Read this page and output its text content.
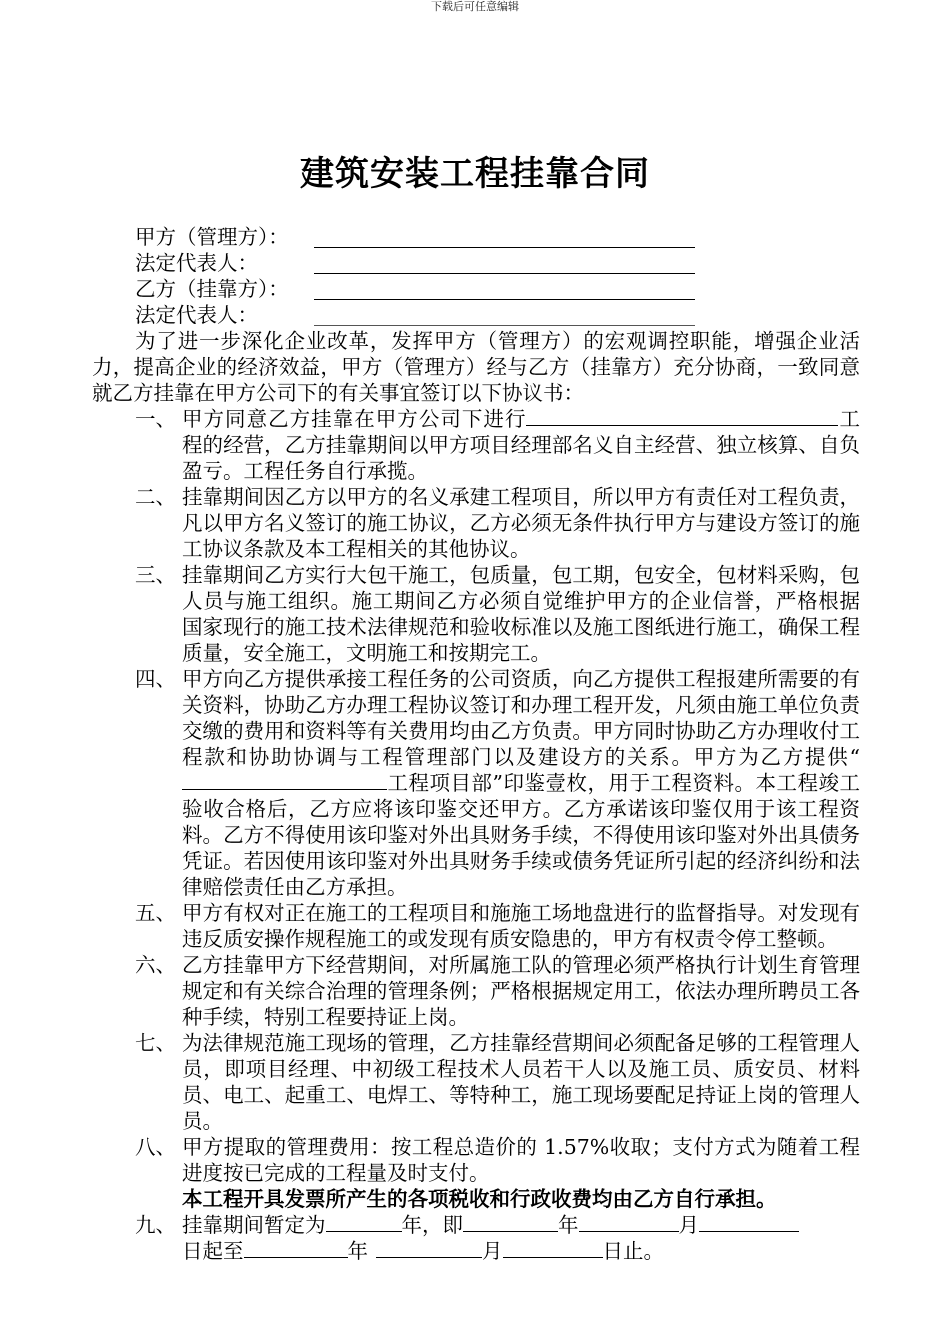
下载后可任意编辑
建筑安装工程挂靠合同
甲方（管理方）：
法定代表人：
乙方（挂靠方）：
法定代表人：
为了进一步深化企业改革，发挥甲方（管理方）的宏观调控职能，增强企业活力，提高企业的经济效益，甲方（管理方）经与乙方（挂靠方）充分协商，一致同意就乙方挂靠在甲方公司下的有关事宜签订以下协议书：
一、 甲方同意乙方挂靠在甲方公司下进行	工程的经营，乙方挂靠期间以甲方项目经理部名义自主经营、独立核算、自负盈亏。工程任务自行承揽。
二、 挂靠期间因乙方以甲方的名义承建工程项目，所以甲方有责任对工程负责，凡以甲方名义签订的施工协议，乙方必须无条件执行甲方与建设方签订的施工协议条款及本工程相关的其他协议。
三、 挂靠期间乙方实行大包干施工，包质量，包工期，包安全，包材料采购，包人员与施工组织。施工期间乙方必须自觉维护甲方的企业信誉，严格根据 国家现行的施工技术法律规范和验收标准以及施工图纸进行施工，确保工程质量，安全施工，文明施工和按期完工。
四、 甲方向乙方提供承接工程任务的公司资质，向乙方提供工程报建所需要的有关资料，协助乙方办理工程协议签订和办理工程开发，凡须由施工单位负责交缴的费用和资料等有关费用均由乙方负责。甲方同时协助乙方办理收付工程款和协助协调与工程管理部门以及建设方的关系。甲方为乙方提供“工程项目部”印鉴壹枚，用于工程资料。本工程竣工验收合格后，乙方应将该印鉴交还甲方。乙方承诺该印鉴仅用于该工程资料。乙方不得使用该印鉴对外出具财务手续，不得使用该印鉴对外出具债务凭证。若因使用该印鉴对外出具财务手续或债务凭证所引起的经济纠纷和法律赔偿责任由乙方承担。
五、 甲方有权对正在施工的工程项目和施施工场地盘进行的监督指导。对发现有违反质安操作规程施工的或发现有质安隐患的，甲方有权责令停工整顿。
六、 乙方挂靠甲方下经营期间，对所属施工队的管理必须严格执行计划生育管理规定和有关综合治理的管理条例；严格根据规定用工，依法办理所聘员工各种手续，特别工程要持证上岗。
七、 为法律规范施工现场的管理，乙方挂靠经营期间必须配备足够的工程管理人员，即项目经理、中初级工程技术人员若干人以及施工员、质安员、材料员、电工、起重工、电焊工、等特种工，施工现场要配足持证上岗的管理人员。
八、 甲方提取的管理费用：按工程总造价的 1.57%收取；支付方式为随着工程进度按已完成的工程量及时支付。
本工程开具发票所产生的各项税收和行政收费均由乙方自行承担。
九、 挂靠期间暂定为	年，即	年	月
日起至	年	月	日止。
